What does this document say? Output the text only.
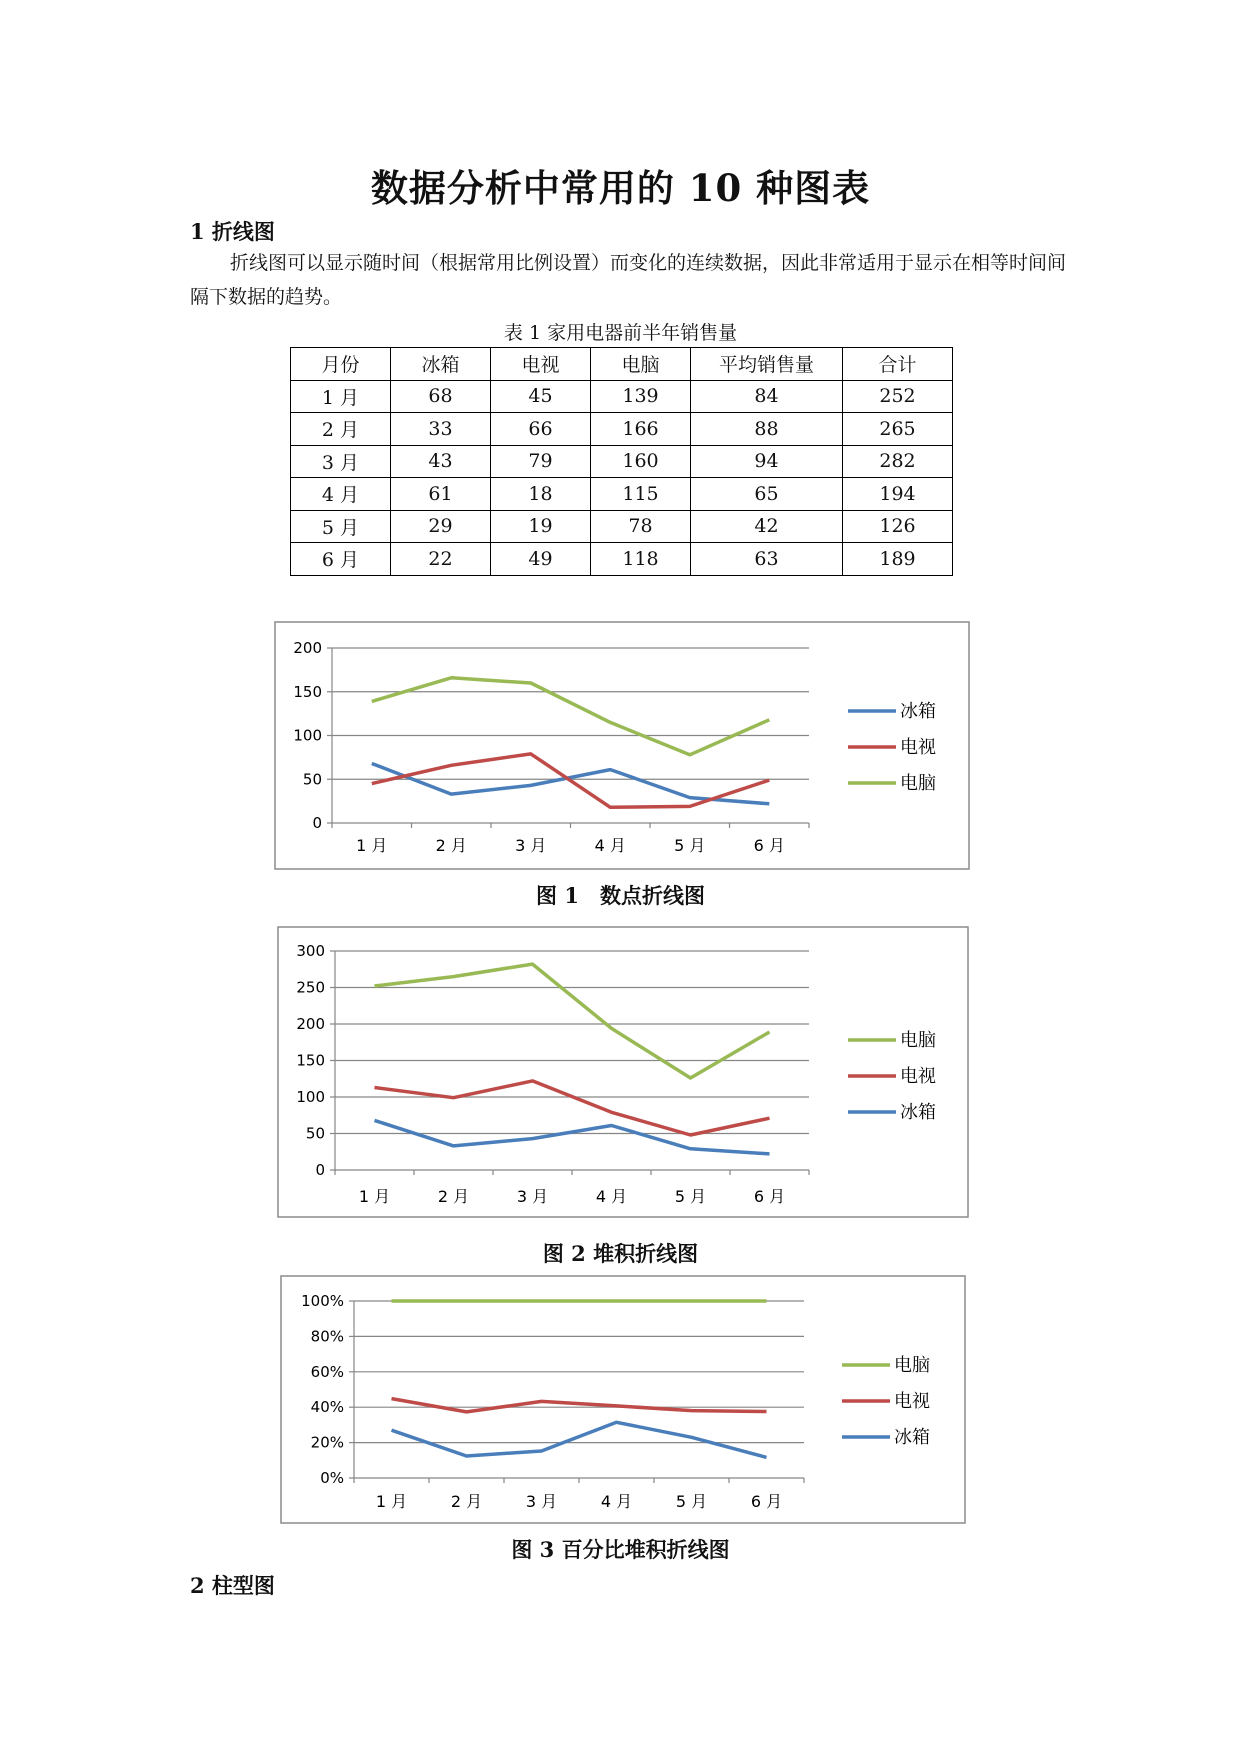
数据分析中常用的 10 种图表
1 折线图

折线图可以显示随时间（根据常用比例设置）而变化的连续数据，因此非常适用于显示在相等时间间隔下数据的趋势。

表 1 家用电器前半年销售量
月份	冰箱	电视	电脑	平均销售量	合计
1 月	68	45	139	84	252
2 月	33	66	166	88	265
3 月	43	79	160	94	282
4 月	61	18	115	65	194
5 月	29	19	78	42	126
6 月	22	49	118	63	189
0
50
100
150
200
1 月	2 月	3 月	4 月	5 月	6 月
冰箱
电视
电脑
图 1　数点折线图
0
50
100
150
200
250
300
1 月	2 月	3 月	4 月	5 月	6 月
电脑
电视
冰箱
图 2 堆积折线图
0%
20%
40%
60%
80%
100%
1 月	2 月	3 月	4 月	5 月	6 月
电脑
电视
冰箱
图 3 百分比堆积折线图
2 柱型图
